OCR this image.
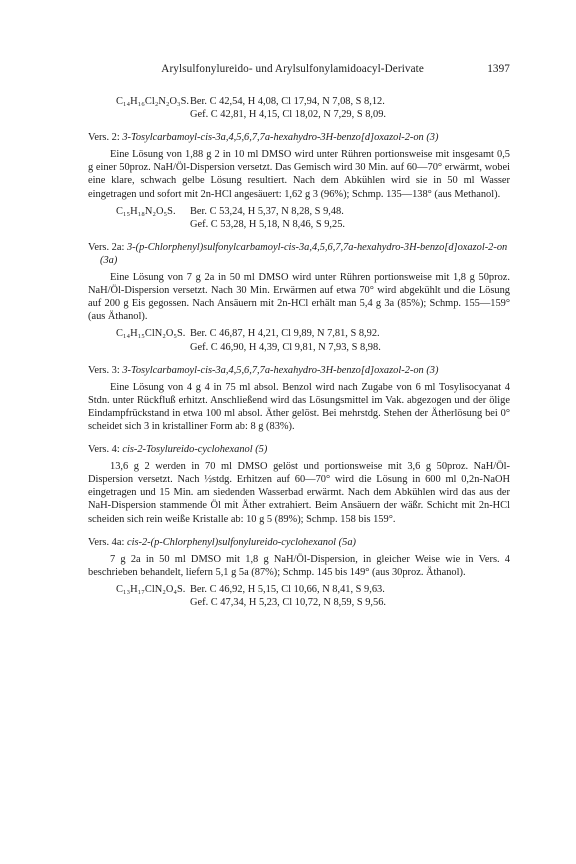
Arylsulfonylureido- und Arylsulfonylamidoacyl-Derivate	1397
C₁₄H₁₆Cl₂N₂O₃S. Ber. C 42,54, H 4,08, Cl 17,94, N 7,08, S 8,12.
Gef. C 42,81, H 4,15, Cl 18,02, N 7,29, S 8,09.
Vers. 2: 3-Tosylcarbamoyl-cis-3a,4,5,6,7,7a-hexahydro-3H-benzo[d]oxazol-2-on (3)

Eine Lösung von 1,88 g 2 in 10 ml DMSO wird unter Rühren portionsweise mit insgesamt 0,5 g einer 50proz. NaH/Öl-Dispersion versetzt. Das Gemisch wird 30 Min. auf 60—70° erwärmt, wobei eine klare, schwach gelbe Lösung resultiert. Nach dem Abkühlen wird sie in 50 ml Wasser eingetragen und sofort mit 2n-HCl angesäuert: 1,62 g 3 (96%); Schmp. 135—138° (aus Methanol).

C₁₅H₁₈N₂O₅S.	Ber. C 53,24, H 5,37, N 8,28, S 9,48.
Gef. C 53,28, H 5,18, N 8,46, S 9,25.
Vers. 2a: 3-(p-Chlorphenyl)sulfonylcarbamoyl-cis-3a,4,5,6,7,7a-hexahydro-3H-benzo[d]oxazol-2-on (3a)

Eine Lösung von 7 g 2a in 50 ml DMSO wird unter Rühren portionsweise mit 1,8 g 50proz. NaH/Öl-Dispersion versetzt. Nach 30 Min. Erwärmen auf etwa 70° wird abgekühlt und die Lösung auf 200 g Eis gegossen. Nach Ansäuern mit 2n-HCl erhält man 5,4 g 3a (85%); Schmp. 155—159° (aus Äthanol).

C₁₄H₁₅ClN₂O₅S. Ber. C 46,87, H 4,21, Cl 9,89, N 7,81, S 8,92.
Gef. C 46,90, H 4,39, Cl 9,81, N 7,93, S 8,98.
Vers. 3: 3-Tosylcarbamoyl-cis-3a,4,5,6,7,7a-hexahydro-3H-benzo[d]oxazol-2-on (3)

Eine Lösung von 4 g 4 in 75 ml absol. Benzol wird nach Zugabe von 6 ml Tosylisocyanat 4 Stdn. unter Rückfluß erhitzt. Anschließend wird das Lösungsmittel im Vak. abgezogen und der ölige Eindampfrückstand in etwa 100 ml absol. Äther gelöst. Bei mehrstdg. Stehen der Ätherlösung bei 0° scheidet sich 3 in kristalliner Form ab: 8 g (83%).

Vers. 4: cis-2-Tosylureido-cyclohexanol (5)

13,6 g 2 werden in 70 ml DMSO gelöst und portionsweise mit 3,6 g 50proz. NaH/Öl-Dispersion versetzt. Nach ½stdg. Erhitzen auf 60—70° wird die Lösung in 600 ml 0,2n-NaOH eingetragen und 15 Min. am siedenden Wasserbad erwärmt. Nach dem Abkühlen wird das aus der NaH-Dispersion stammende Öl mit Äther extrahiert. Beim Ansäuern der wäßr. Schicht mit 2n-HCl scheiden sich rein weiße Kristalle ab: 10 g 5 (89%); Schmp. 158 bis 159°.

Vers. 4a: cis-2-(p-Chlorphenyl)sulfonylureido-cyclohexanol (5a)

7 g 2a in 50 ml DMSO mit 1,8 g NaH/Öl-Dispersion, in gleicher Weise wie in Vers. 4 beschrieben behandelt, liefern 5,1 g 5a (87%); Schmp. 145 bis 149° (aus 30proz. Äthanol).

C₁₃H₁₇ClN₂O₄S. Ber. C 46,92, H 5,15, Cl 10,66, N 8,41, S 9,63.
Gef. C 47,34, H 5,23, Cl 10,72, N 8,59, S 9,56.
